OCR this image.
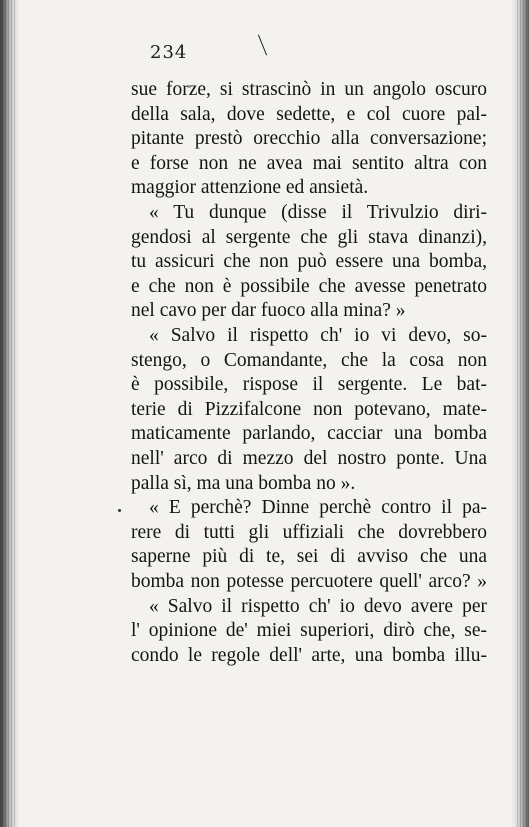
234

sue forze, si strascinò in un angolo oscuro

della sala, dove sedette, e col cuore pal-

pitante prestò orecchio alla conversazione;

e forse non ne avea mai sentito altra con

maggior attenzione ed ansietà.

« Tu dunque (disse il Trivulzio diri-

gendosi al sergente che gli stava dinanzi),

tu assicuri che non può essere una bomba,

e che non è possibile che avesse penetrato

nel cavo per dar fuoco alla mina? »

« Salvo il rispetto ch' io vi devo, so-

stengo, o Comandante, che la cosa non

è possibile, rispose il sergente. Le bat-

terie di Pizzifalcone non potevano, mate-

maticamente parlando, cacciar una bomba

nell' arco di mezzo del nostro ponte. Una

palla sì, ma una bomba no ».

« E perchè? Dinne perchè contro il pa-

rere di tutti gli uffiziali che dovrebbero

saperne più di te, sei di avviso che una

bomba non potesse percuotere quell' arco? »

« Salvo il rispetto ch' io devo avere per

l' opinione de' miei superiori, dirò che, se-

condo le regole dell' arte, una bomba illu-
